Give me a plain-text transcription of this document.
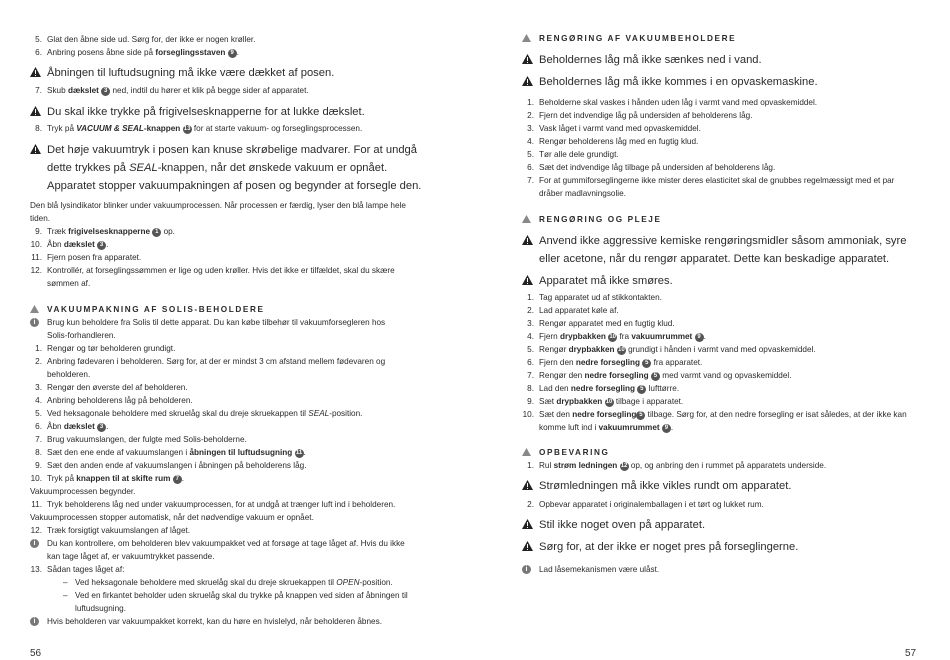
5. Glat den åbne side ud. Sørg for, der ikke er nogen krøller.
6. Anbring posens åbne side på forseglingsstaven 9 .
Åbningen til luftudsugning må ikke være dækket af posen.
7. Skub dækslet 3 ned, indtil du hører et klik på begge sider af apparatet.
Du skal ikke trykke på frigivelsesknapperne for at lukke dækslet.
8. Tryk på VACUUM & SEAL-knappen 13 for at starte vakuum- og forseglingsprocessen.
Det høje vakuumtryk i posen kan knuse skrøbelige madvarer. For at undgå
dette trykkes på SEAL-knappen, når det ønskede vakuum er opnået.
Apparatet stopper vakuumpakningen af posen og begynder at forsegle den.
Den blå lysindikator blinker under vakuumprocessen. Når processen er færdig, lyser den blå lampe hele
tiden.
9. Træk frigivelsesknapperne 1 op.
10. Åbn dækslet 3 .
11. Fjern posen fra apparatet.
12. Kontrollér, at forseglingssømmen er lige og uden krøller. Hvis det ikke er tilfældet, skal du skære
sømmen af.
VAKUUMPAKNING AF SOLIS-BEHOLDERE
i	Brug kun beholdere fra Solis til dette apparat. Du kan købe tilbehør til vakuumforsegleren hos
Solis-forhandleren.
1. Rengør og tør beholderen grundigt.
2. Anbring fødevaren i beholderen. Sørg for, at der er mindst 3 cm afstand mellem fødevaren og
beholderen.
3. Rengør den øverste del af beholderen.
4. Anbring beholderens låg på beholderen.
5. Ved heksagonale beholdere med skruelåg skal du dreje skruekappen til SEAL-position.
6. Åbn dækslet 3 .
7. Brug vakuumslangen, der fulgte med Solis-beholderne.
8. Sæt den ene ende af vakuumslangen i åbningen til luftudsugning 11.
9. Sæt den anden ende af vakuumslangen i åbningen på beholderens låg.
10. Tryk på knappen til at skifte rum 7 .
Vakuumprocessen begynder.
11. Tryk beholderens låg ned under vakuumprocessen, for at undgå at trænger luft ind i beholderen.
Vakuumprocessen stopper automatisk, når det nødvendige vakuum er opnået.
12. Træk forsigtigt vakuumslangen af låget.
i	Du kan kontrollere, om beholderen blev vakuumpakket ved at forsøge at tage låget af. Hvis du ikke
kan tage låget af, er vakuumtrykket passende.
13. Sådan tages låget af:
– Ved heksagonale beholdere med skruelåg skal du dreje skruekappen til OPEN-position.
– Ved en firkantet beholder uden skruelåg skal du trykke på knappen ved siden af åbningen til
luftudsugning.
i	Hvis beholderen var vakuumpakket korrekt, kan du høre en hvislelyd, når beholderen åbnes.
56
RENGØRING AF VAKUUMBEHOLDERE
Beholdernes låg må ikke sænkes ned i vand.
Beholdernes låg må ikke kommes i en opvaskemaskine.
1. Beholderne skal vaskes i hånden uden låg i varmt vand med opvaskemiddel.
2. Fjern det indvendige låg på undersiden af beholderens låg.
3. Vask låget i varmt vand med opvaskemiddel.
4. Rengør beholderens låg med en fugtig klud.
5. Tør alle dele grundigt.
6. Sæt det indvendige låg tilbage på undersiden af beholderens låg.
7. For at gummiforseglingerne ikke mister deres elasticitet skal de gnubbes regelmæssigt med et par
dråber madlavningsolie.
RENGØRING OG PLEJE
Anvend ikke aggressive kemiske rengøringsmidler såsom ammoniak, syre
eller acetone, når du rengør apparatet. Dette kan beskadige apparatet.
Apparatet må ikke smøres.
1. Tag apparatet ud af stikkontakten.
2. Lad apparatet køle af.
3. Rengør apparatet med en fugtig klud.
4. Fjern drypbakken 10 fra vakuumrummet 9 .
5. Rengør drypbakken 10 grundigt i hånden i varmt vand med opvaskemiddel.
6. Fjern den nedre forsegling 5 fra apparatet.
7. Rengør den nedre forsegling 5 med varmt vand og opvaskemiddel.
8. Lad den nedre forsegling 5 lufttørre.
9. Sæt drypbakken 10 tilbage i apparatet.
10. Sæt den nedre forsegling 5 tilbage. Sørg for, at den nedre forsegling er isat således, at der ikke kan
komme luft ind i vakuumrummet 9 .
OPBEVARING
1. Rul strøm ledningen 12 op, og anbring den i rummet på apparatets underside.
Strømledningen må ikke vikles rundt om apparatet.
2. Opbevar apparatet i originalemballagen i et tørt og lukket rum.
Stil ikke noget oven på apparatet.
Sørg for, at der ikke er noget pres på forseglingerne.
i	Lad låsemekanismen være ulåst.
57
